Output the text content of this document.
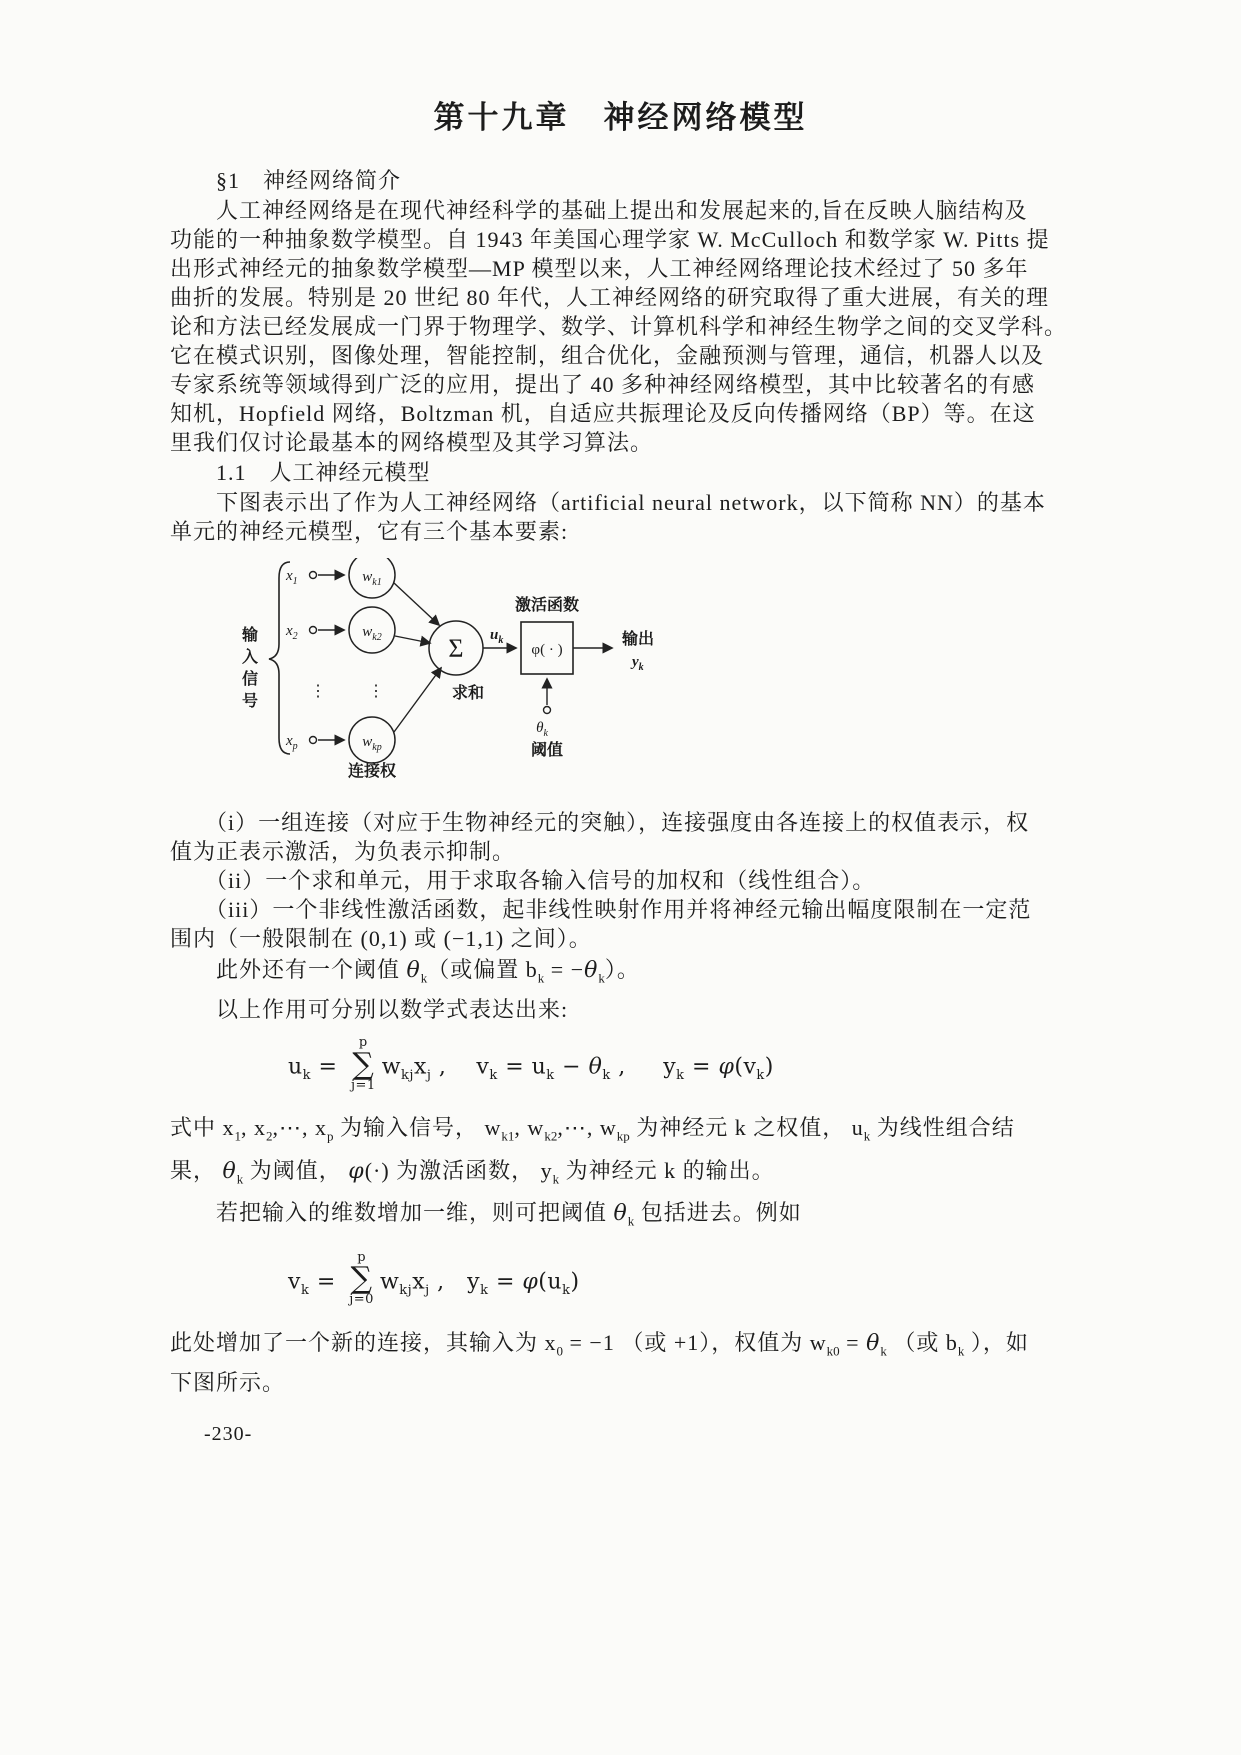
第十九章　神经网络模型
　　§1　神经网络简介
　　人工神经网络是在现代神经科学的基础上提出和发展起来的,旨在反映人脑结构及
功能的一种抽象数学模型。自 1943 年美国心理学家 W. McCulloch 和数学家 W. Pitts 提
出形式神经元的抽象数学模型—MP 模型以来，人工神经网络理论技术经过了 50 多年
曲折的发展。特别是 20 世纪 80 年代，人工神经网络的研究取得了重大进展，有关的理
论和方法已经发展成一门界于物理学、数学、计算机科学和神经生物学之间的交叉学科。
它在模式识别，图像处理，智能控制，组合优化，金融预测与管理，通信，机器人以及
专家系统等领域得到广泛的应用，提出了 40 多种神经网络模型，其中比较著名的有感
知机，Hopfield 网络，Boltzman 机，自适应共振理论及反向传播网络（BP）等。在这
里我们仅讨论最基本的网络模型及其学习算法。
　　1.1　人工神经元模型
　　下图表示出了作为人工神经网络（artificial neural network，以下简称 NN）的基本
单元的神经元模型，它有三个基本要素:
输
入
信
号
$x_1$	$w_{k1}$
$x_2$	$w_{k2}$
⋮	⋮
$x_p$	$w_{kp}$
Σ
求和
$u_k$
激活函数
φ( · )
输出
$y_k$
$\theta_k$
阈值
连接权
　　（i）一组连接（对应于生物神经元的突触），连接强度由各连接上的权值表示，权
值为正表示激活，为负表示抑制。
　　（ii）一个求和单元，用于求取各输入信号的加权和（线性组合）。
　　（iii）一个非线性激活函数，起非线性映射作用并将神经元输出幅度限制在一定范
围内（一般限制在 (0,1) 或 (−1,1) 之间）。
　　此外还有一个阈值 $\theta_k$（或偏置 $b_k = -\theta_k$）。
　　以上作用可分别以数学式表达出来:
$u_k$ =
p
∑
j=1
$w_{kj}x_j$ ,    $v_k = u_k - \theta_k$ ,     $y_k = \varphi(v_k)$
式中 $x_1$, $x_2,\cdots$, $x_p$ 为输入信号， $w_{k1}$, $w_{k2},\cdots$, $w_{kp}$ 为神经元 k 之权值， $u_k$ 为线性组合结
果， $\theta_k$ 为阈值， φ(·) 为激活函数， $y_k$ 为神经元 k 的输出。
　　若把输入的维数增加一维，则可把阈值 $\theta_k$ 包括进去。例如
$v_k$ =
p
∑
j=0
$w_{kj}x_j$ ,   $y_k = \varphi(u_k)$
此处增加了一个新的连接，其输入为 $x_0 = -1$ （或 +1），权值为 $w_{k0} = \theta_k$ （或 $b_k$ ），如
下图所示。
-230-
